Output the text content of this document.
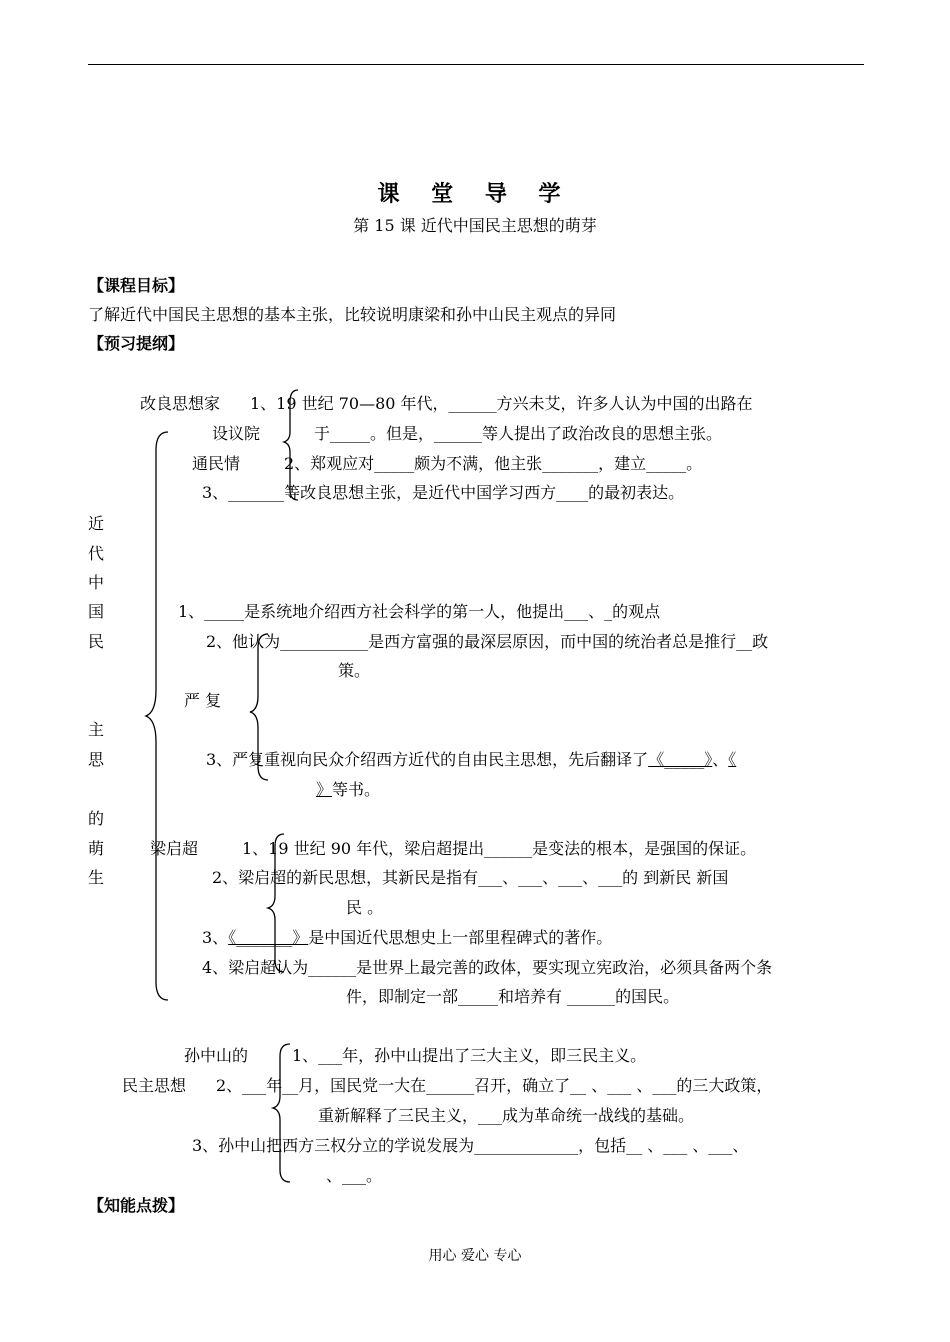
课 堂 导 学
第 15 课 近代中国民主思想的萌芽
【课程目标】
了解近代中国民主思想的基本主张，比较说明康梁和孙中山民主观点的异同
【预习提纲】
近
代
中
国
民
主
思
的
萌
生
改良思想家 1、19 世纪 70—80 年代，______方兴未艾，许多人认为中国的出路在
设议院	于_____。但是，______等人提出了政治改良的思想主张。
通民情	2、郑观应对_____颇为不满，他主张_______，建立_____。
3、_______等改良思想主张，是近代中国学习西方____的最初表达。
1、_____是系统地介绍西方社会科学的第一人，他提出___、_的观点
2、他认为___________是西方富强的最深层原因，而中国的统治者总是推行__政
策。
严 复
3、严复重视向民众介绍西方近代的自由民主思想，先后翻译了《_____》、《
》等书。
梁启超	1、19 世纪 90 年代，梁启超提出______是变法的根本，是强国的保证。
2、梁启超的新民思想，其新民是指有___、___、___、___的 到新民 新国
民 。
3、《_______》是中国近代思想史上一部里程碑式的著作。
4、梁启超认为______是世界上最完善的政体，要实现立宪政治，必须具备两个条
件，即制定一部_____和培养有 ______的国民。
孙中山的	1、___年，孙中山提出了三大主义，即三民主义。
民主思想 2、___年__月，国民党一大在______召开，确立了__ 、___ 、___的三大政策，
重新解释了三民主义，___成为革命统一战线的基础。
3、孙中山把西方三权分立的学说发展为_____________，包括__ 、___ 、___、
、___。
【知能点拨】
用心 爱心 专心
